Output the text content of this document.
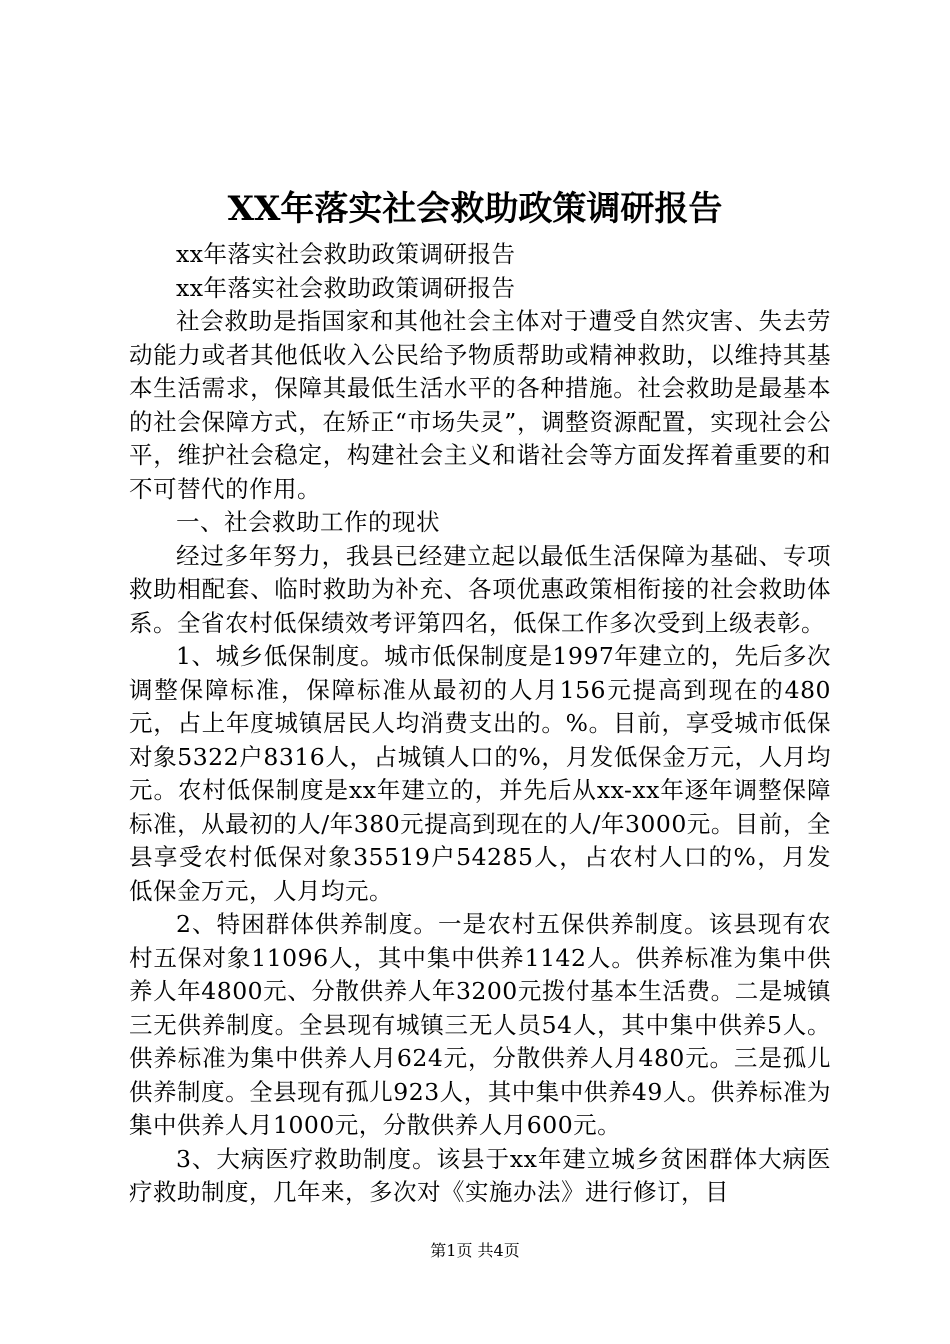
XX年落实社会救助政策调研报告

xx年落实社会救助政策调研报告

xx年落实社会救助政策调研报告

社会救助是指国家和其他社会主体对于遭受自然灾害、失去劳动能力或者其他低收入公民给予物质帮助或精神救助，以维持其基本生活需求，保障其最低生活水平的各种措施。社会救助是最基本的社会保障方式，在矫正“市场失灵”，调整资源配置，实现社会公平，维护社会稳定，构建社会主义和谐社会等方面发挥着重要的和不可替代的作用。

一、社会救助工作的现状

经过多年努力，我县已经建立起以最低生活保障为基础、专项救助相配套、临时救助为补充、各项优惠政策相衔接的社会救助体系。全省农村低保绩效考评第四名，低保工作多次受到上级表彰。

1、城乡低保制度。城市低保制度是1997年建立的，先后多次调整保障标准，保障标准从最初的人月156元提高到现在的480元，占上年度城镇居民人均消费支出的。%。目前，享受城市低保对象5322户8316人，占城镇人口的%，月发低保金万元，人月均元。农村低保制度是xx年建立的，并先后从xx-xx年逐年调整保障标准，从最初的人/年380元提高到现在的人/年3000元。目前，全县享受农村低保对象35519户54285人，占农村人口的%，月发低保金万元，人月均元。

2、特困群体供养制度。一是农村五保供养制度。该县现有农村五保对象11096人，其中集中供养1142人。供养标准为集中供养人年4800元、分散供养人年3200元拨付基本生活费。二是城镇三无供养制度。全县现有城镇三无人员54人，其中集中供养5人。供养标准为集中供养人月624元，分散供养人月480元。三是孤儿供养制度。全县现有孤儿923人，其中集中供养49人。供养标准为集中供养人月1000元，分散供养人月600元。

3、大病医疗救助制度。该县于xx年建立城乡贫困群体大病医疗救助制度，几年来，多次对《实施办法》进行修订，目

第1页 共4页
